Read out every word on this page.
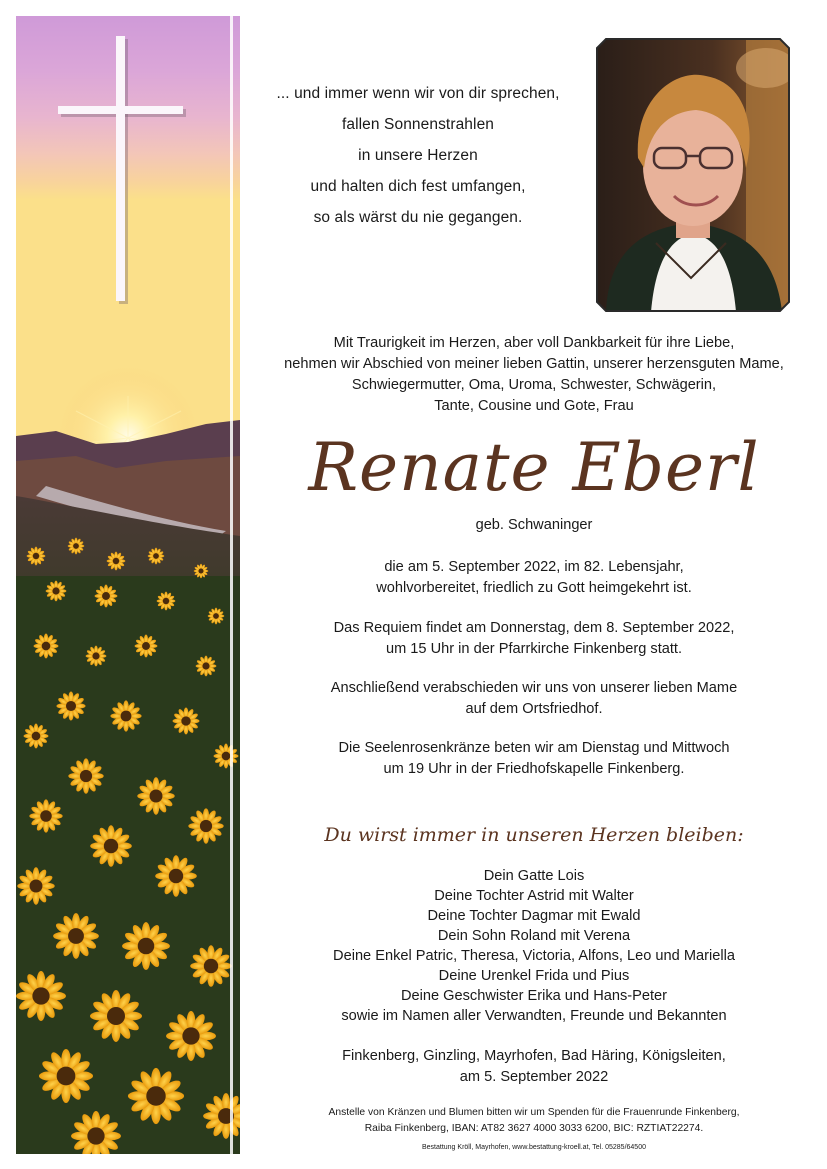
... und immer wenn wir von dir sprechen,
fallen Sonnenstrahlen
in unsere Herzen
und halten dich fest umfangen,
so als wärst du nie gegangen.
Mit Traurigkeit im Herzen, aber voll Dankbarkeit für ihre Liebe,
nehmen wir Abschied von meiner lieben Gattin, unserer herzensguten Mame,
Schwiegermutter, Oma, Uroma, Schwester, Schwägerin,
Tante, Cousine und Gote, Frau
Renate Eberl
geb. Schwaninger
die am 5. September 2022, im 82. Lebensjahr,
wohlvorbereitet, friedlich zu Gott heimgekehrt ist.
Das Requiem findet am Donnerstag, dem 8. September 2022,
um 15 Uhr in der Pfarrkirche Finkenberg statt.
Anschließend verabschieden wir uns von unserer lieben Mame
auf dem Ortsfriedhof.
Die Seelenrosenkränze beten wir am Dienstag und Mittwoch
um 19 Uhr in der Friedhofskapelle Finkenberg.
Du wirst immer in unseren Herzen bleiben:
Dein Gatte Lois
Deine Tochter Astrid mit Walter
Deine Tochter Dagmar mit Ewald
Dein Sohn Roland mit Verena
Deine Enkel Patric, Theresa, Victoria, Alfons, Leo und Mariella
Deine Urenkel Frida und Pius
Deine Geschwister Erika und Hans-Peter
sowie im Namen aller Verwandten, Freunde und Bekannten
Finkenberg, Ginzling, Mayrhofen, Bad Häring, Königsleiten,
am 5. September 2022
Anstelle von Kränzen und Blumen bitten wir um Spenden für die Frauenrunde Finkenberg,
Raiba Finkenberg, IBAN: AT82 3627 4000 3033 6200, BIC: RZTIAT22274.
Bestattung Kröll, Mayrhofen, www.bestattung-kroell.at, Tel. 05285/64500
